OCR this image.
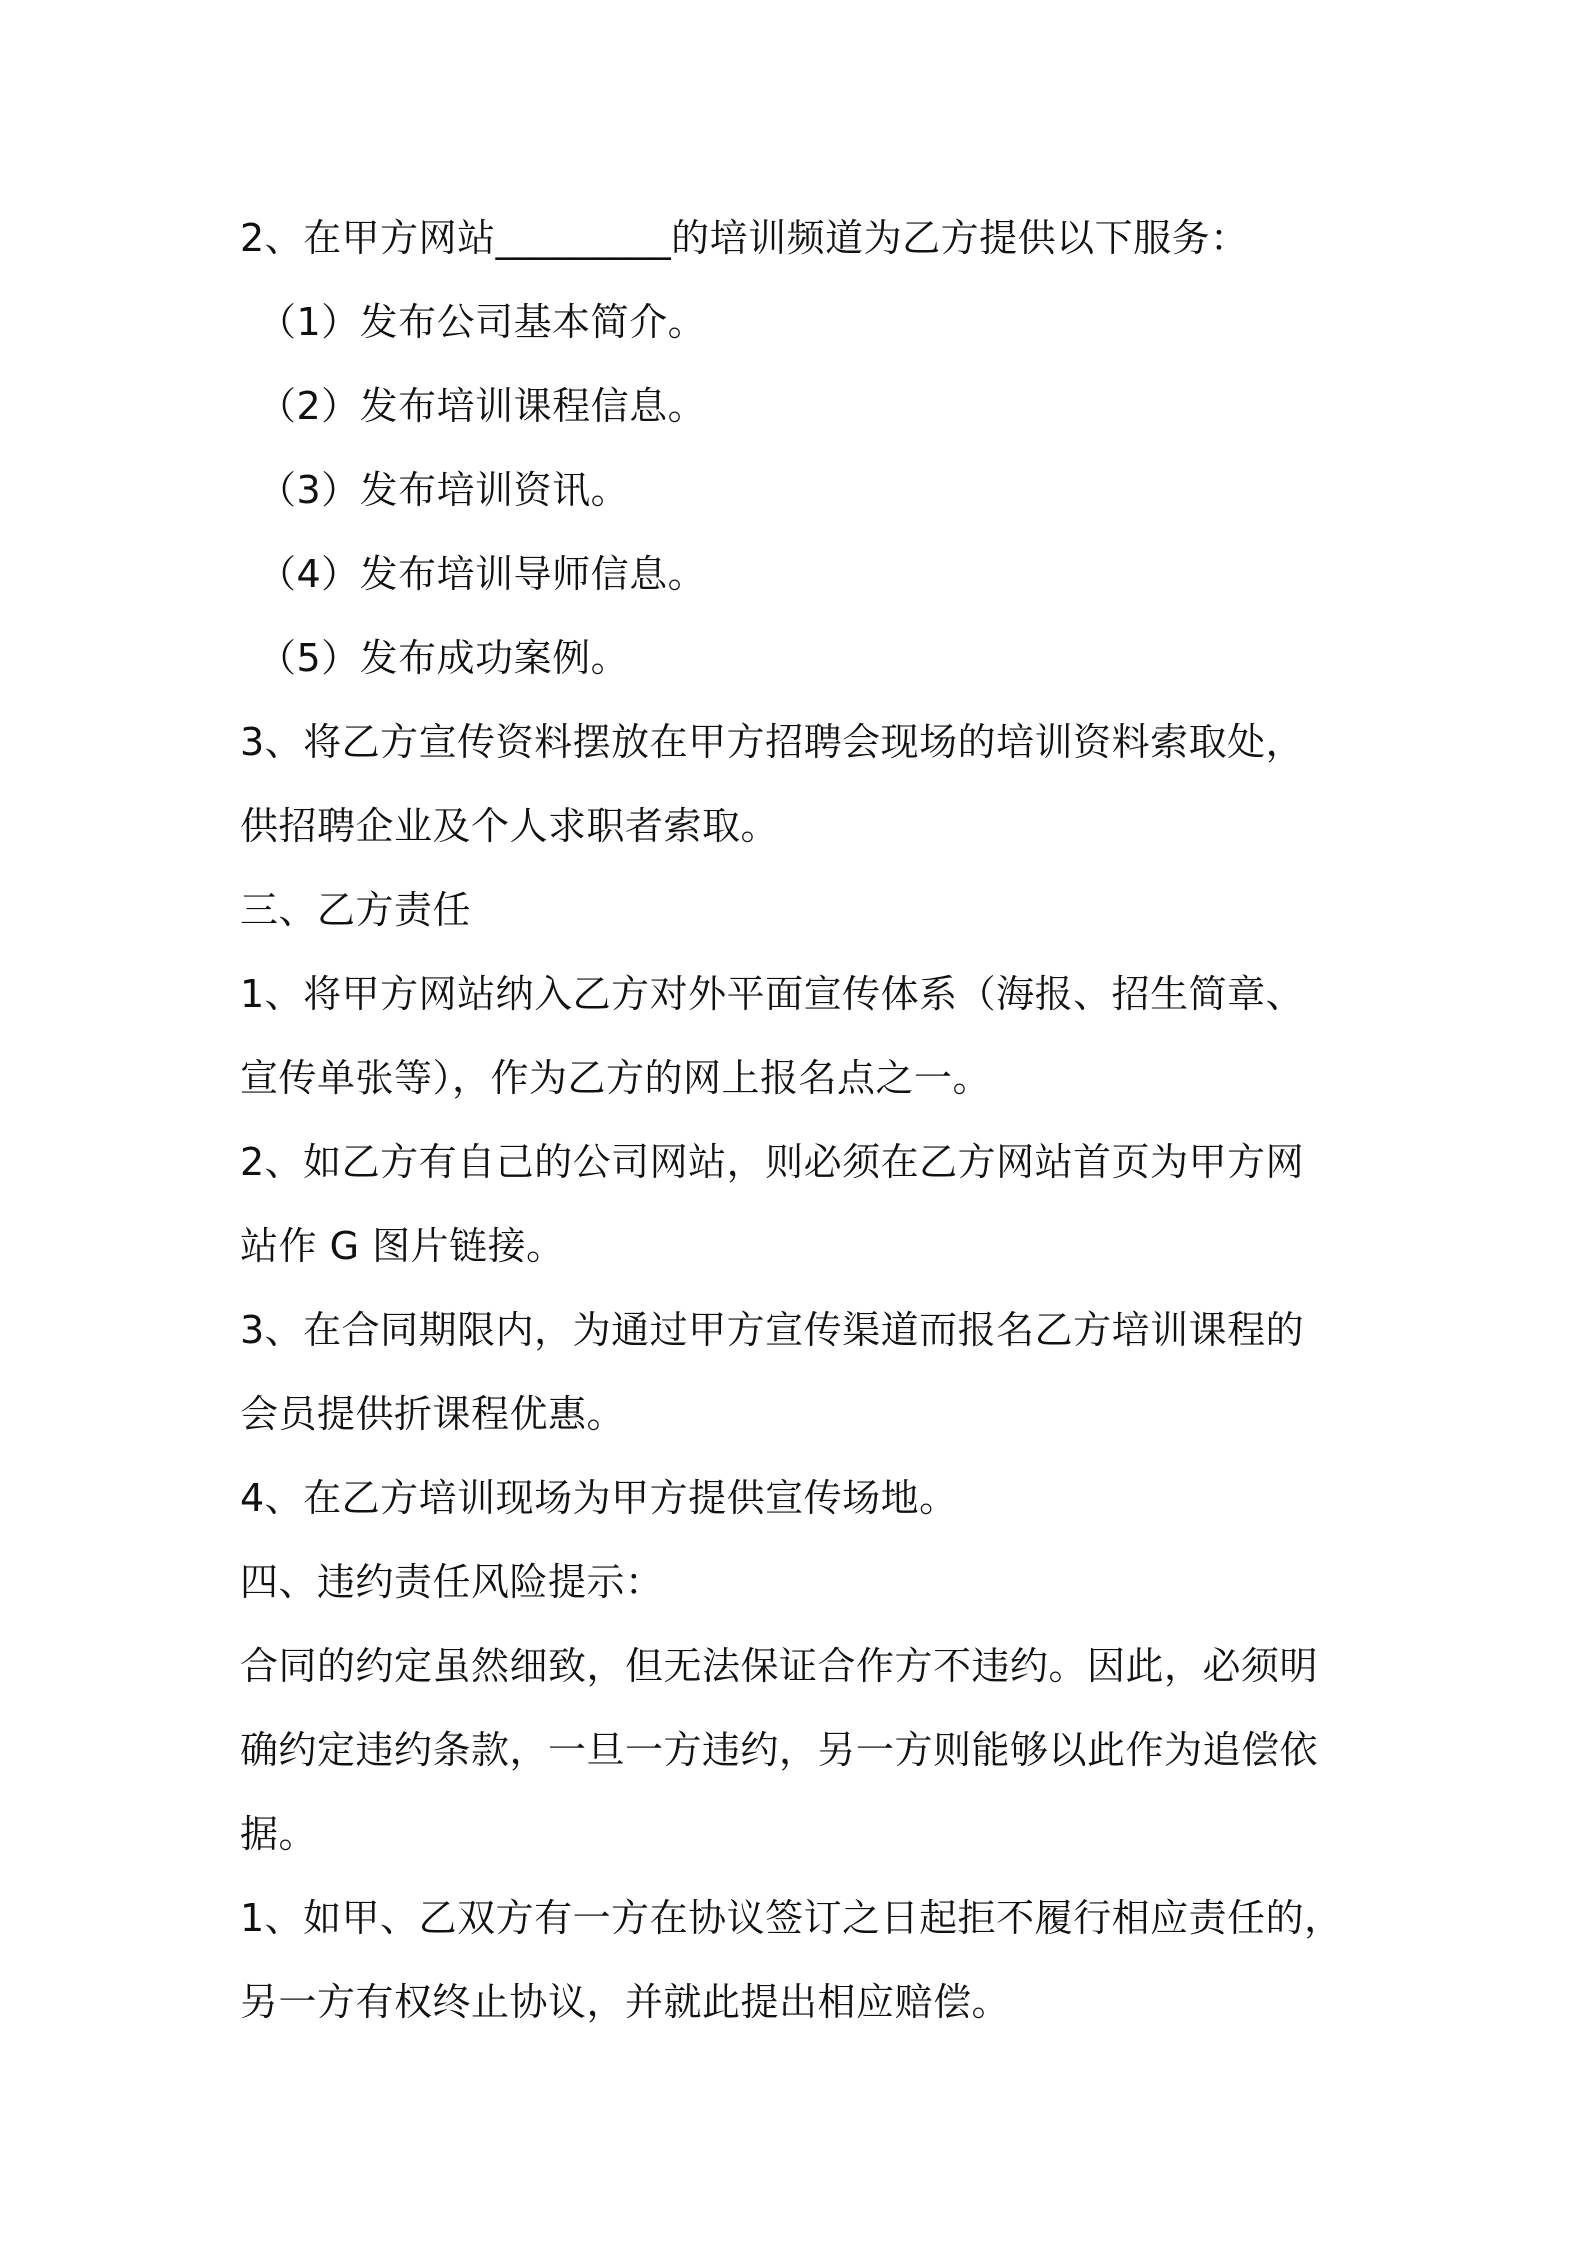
2、在甲方网站_________的培训频道为乙方提供以下服务：
（1）发布公司基本简介。
（2）发布培训课程信息。
（3）发布培训资讯。
（4）发布培训导师信息。
（5）发布成功案例。
3、将乙方宣传资料摆放在甲方招聘会现场的培训资料索取处，
供招聘企业及个人求职者索取。
三、乙方责任
1、将甲方网站纳入乙方对外平面宣传体系（海报、招生简章、
宣传单张等），作为乙方的网上报名点之一。
2、如乙方有自己的公司网站，则必须在乙方网站首页为甲方网
站作 G 图片链接。
3、在合同期限内，为通过甲方宣传渠道而报名乙方培训课程的
会员提供折课程优惠。
4、在乙方培训现场为甲方提供宣传场地。
四、违约责任风险提示：
合同的约定虽然细致，但无法保证合作方不违约。因此，必须明
确约定违约条款，一旦一方违约，另一方则能够以此作为追偿依
据。
1、如甲、乙双方有一方在协议签订之日起拒不履行相应责任的，
另一方有权终止协议，并就此提出相应赔偿。
